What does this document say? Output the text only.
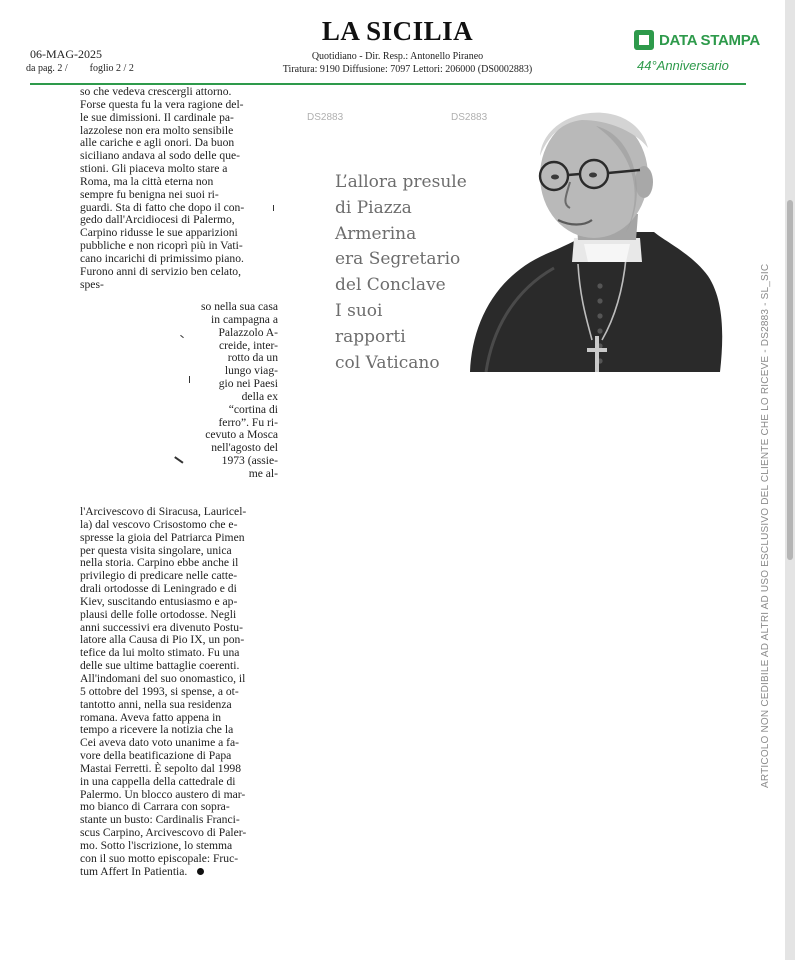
06-MAG-2025
da pag. 2 / foglio 2 / 2
LA SICILIA
Quotidiano - Dir. Resp.: Antonello Piraneo
Tiratura: 9190 Diffusione: 7097 Lettori: 206000 (DS0002883)
DATA STAMPA
44°Anniversario
DS2883	DS2883
so che vedeva crescergli attorno.
Forse questa fu la vera ragione del-
le sue dimissioni. Il cardinale pa-
lazzolese non era molto sensibile
alle cariche e agli onori. Da buon
siciliano andava al sodo delle que-
stioni. Gli piaceva molto stare a
Roma, ma la città eterna non
sempre fu benigna nei suoi ri-
guardi. Sta di fatto che dopo il con-
gedo dall'Arcidiocesi di Palermo,
Carpino ridusse le sue apparizioni
pubbliche e non ricoprì più in Vati-
cano incarichi di primissimo piano.
Furono anni di servizio ben celato,
spes-
so nella sua casa
in campagna a
Palazzolo A-
creide, inter-
rotto da un
lungo viag-
gio nei Paesi
della ex
“cortina di
ferro”. Fu ri-
cevuto a Mosca
nell'agosto del
1973 (assie-
me al-
l'Arcivescovo di Siracusa, Lauricel-
la) dal vescovo Crisostomo che e-
spresse la gioia del Patriarca Pimen
per questa visita singolare, unica
nella storia. Carpino ebbe anche il
privilegio di predicare nelle catte-
drali ortodosse di Leningrado e di
Kiev, suscitando entusiasmo e ap-
plausi delle folle ortodosse. Negli
anni successivi era divenuto Postu-
latore alla Causa di Pio IX, un pon-
tefice da lui molto stimato. Fu una
delle sue ultime battaglie coerenti.
All'indomani del suo onomastico, il
5 ottobre del 1993, si spense, a ot-
tantotto anni, nella sua residenza
romana. Aveva fatto appena in
tempo a ricevere la notizia che la
Cei aveva dato voto unanime a fa-
vore della beatificazione di Papa
Mastai Ferretti. È sepolto dal 1998
in una cappella della cattedrale di
Palermo. Un blocco austero di mar-
mo bianco di Carrara con sopra-
stante un busto: Cardinalis Franci-
scus Carpino, Arcivescovo di Paler-
mo. Sotto l'iscrizione, lo stemma
con il suo motto episcopale: Fruc-
tum Affert In Patientia.
L’allora presule
di Piazza
Armerina
era Segretario
del Conclave
I suoi
rapporti
col Vaticano	ARTICOLO NON CEDIBILE AD ALTRI AD USO ESCLUSIVO DEL CLIENTE CHE LO RICEVE - DS2883 - SL_SIC
